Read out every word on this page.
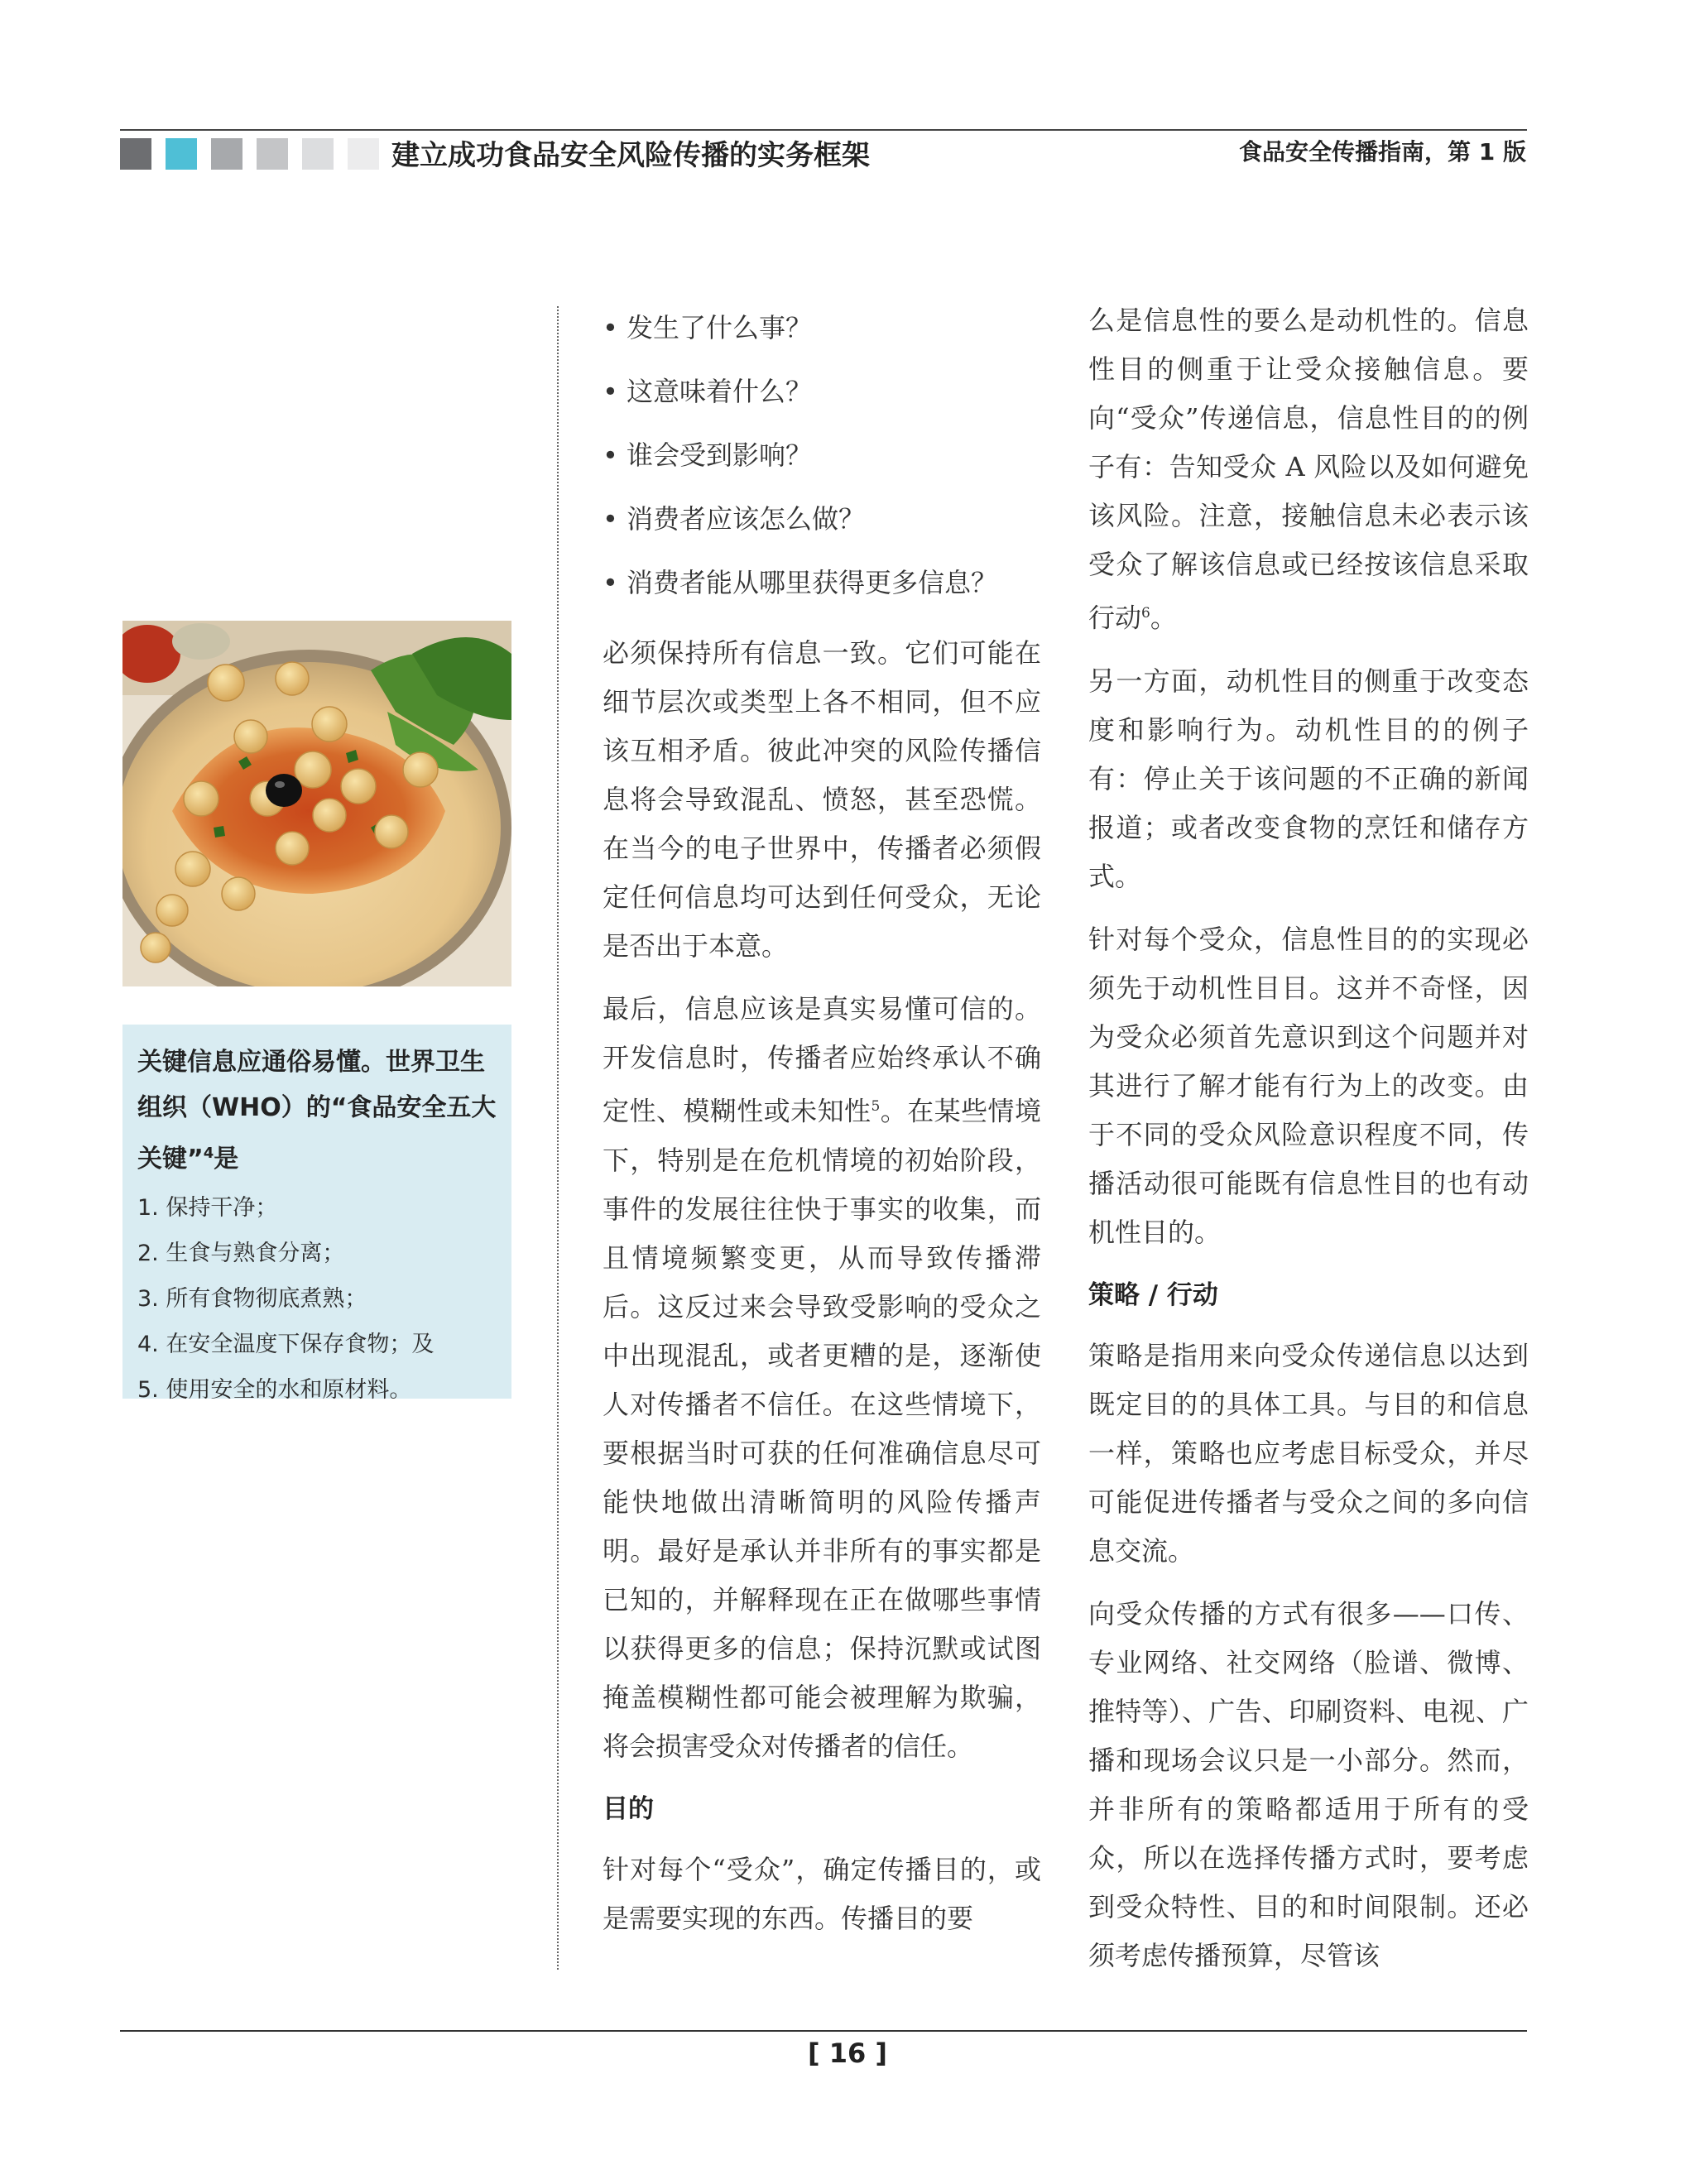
建立成功食品安全风险传播的实务框架	食品安全传播指南，第 1 版

关键信息应通俗易懂。世界卫生组织（WHO）的“食品安全五大关键”$^4$是

1. 保持干净；
2. 生食与熟食分离；
3. 所有食物彻底煮熟；
4. 在安全温度下保存食物；及
5. 使用安全的水和原材料。
• 发生了什么事？
• 这意味着什么？
• 谁会受到影响？
• 消费者应该怎么做？
• 消费者能从哪里获得更多信息？

必须保持所有信息一致。它们可能在细节层次或类型上各不相同，但不应该互相矛盾。彼此冲突的风险传播信息将会导致混乱、愤怒，甚至恐慌。在当今的电子世界中，传播者必须假定任何信息均可达到任何受众，无论是否出于本意。

最后，信息应该是真实易懂可信的。开发信息时，传播者应始终承认不确定性、模糊性或未知性$^5$。在某些情境下，特别是在危机情境的初始阶段，事件的发展往往快于事实的收集，而且情境频繁变更，从而导致传播滞后。这反过来会导致受影响的受众之中出现混乱，或者更糟的是，逐渐使人对传播者不信任。在这些情境下，要根据当时可获的任何准确信息尽可能快地做出清晰简明的风险传播声明。最好是承认并非所有的事实都是已知的，并解释现在正在做哪些事情以获得更多的信息；保持沉默或试图掩盖模糊性都可能会被理解为欺骗，将会损害受众对传播者的信任。

目的

针对每个“受众”，确定传播目的，或是需要实现的东西。传播目的要

么是信息性的要么是动机性的。信息性目的侧重于让受众接触信息。要向“受众”传递信息，信息性目的的例子有：告知受众 A 风险以及如何避免该风险。注意，接触信息未必表示该受众了解该信息或已经按该信息采取行动$^6$。

另一方面，动机性目的侧重于改变态度和影响行为。动机性目的的例子有：停止关于该问题的不正确的新闻报道；或者改变食物的烹饪和储存方式。

针对每个受众，信息性目的的实现必须先于动机性目目。这并不奇怪，因为受众必须首先意识到这个问题并对其进行了解才能有行为上的改变。由于不同的受众风险意识程度不同，传播活动很可能既有信息性目的也有动机性目的。

策略 / 行动

策略是指用来向受众传递信息以达到既定目的的具体工具。与目的和信息一样，策略也应考虑目标受众，并尽可能促进传播者与受众之间的多向信息交流。

向受众传播的方式有很多——口传、专业网络、社交网络（脸谱、微博、推特等）、广告、印刷资料、电视、广播和现场会议只是一小部分。然而，并非所有的策略都适用于所有的受众，所以在选择传播方式时，要考虑到受众特性、目的和时间限制。还必须考虑传播预算，尽管该

[ 16 ]
